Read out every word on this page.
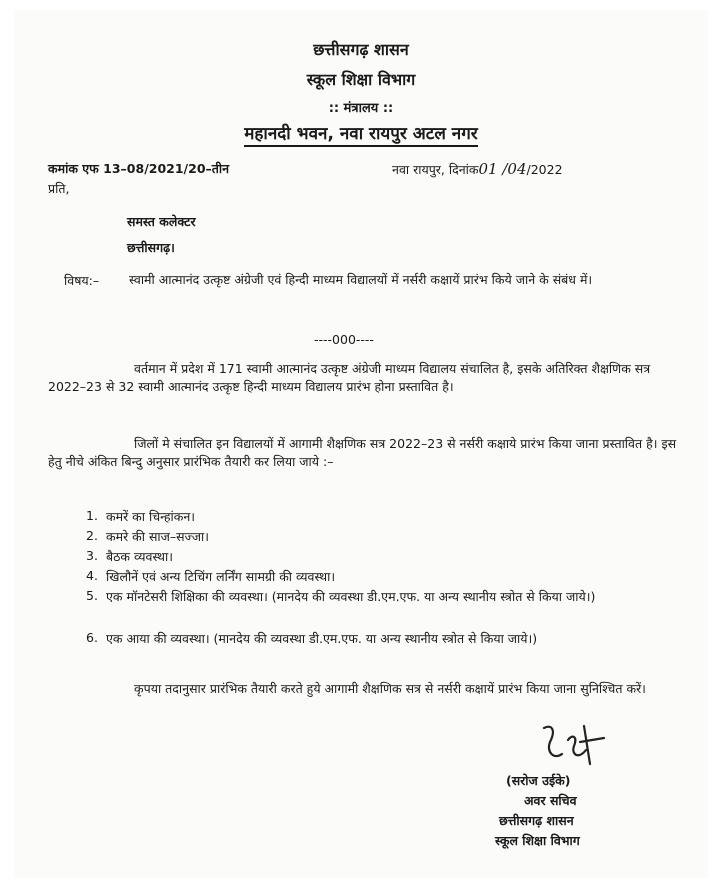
छत्तीसगढ़ शासन
स्कूल शिक्षा विभाग
:: मंत्रालय ::
महानदी भवन, नवा रायपुर अटल नगर
कमांक एफ 13–08/2021/20–तीन	नवा रायपुर, दिनांक01 /04/2022
प्रति,
समस्त कलेक्टर
छत्तीसगढ़।
विषय:– स्वामी आत्मानंद उत्कृष्ट अंग्रेजी एवं हिन्दी माध्यम विद्यालयों में नर्सरी कक्षायें प्रारंभ किये जाने के संबंध में।
----000----
वर्तमान में प्रदेश में 171 स्वामी आत्मानंद उत्कृष्ट अंग्रेजी माध्यम विद्यालय संचालित है, इसके अतिरिक्त शैक्षणिक सत्र 2022–23 से 32 स्वामी आत्मानंद उत्कृष्ट हिन्दी माध्यम विद्यालय प्रारंभ होना प्रस्तावित है।
जिलों मे संचालित इन विद्यालयों में आगामी शैक्षणिक सत्र 2022–23 से नर्सरी कक्षाये प्रारंभ किया जाना प्रस्तावित है। इस हेतु नीचे अंकित बिन्दु अनुसार प्रारंभिक तैयारी कर लिया जाये :–
1. कमरें का चिन्हांकन।
2. कमरे की साज–सज्जा।
3. बैठक व्यवस्था।
4. खिलौनें एवं अन्य टिचिंग लर्निंग सामग्री की व्यवस्था।
5. एक मॉनटेसरी शिक्षिका की व्यवस्था। (मानदेय की व्यवस्था डी.एम.एफ. या अन्य स्थानीय स्त्रोत से किया जाये।)
6. एक आया की व्यवस्था। (मानदेय की व्यवस्था डी.एम.एफ. या अन्य स्थानीय स्त्रोत से किया जाये।)
कृपया तदानुसार प्रारंभिक तैयारी करते हुये आगामी शैक्षणिक सत्र से नर्सरी कक्षायें प्रारंभ किया जाना सुनिश्चित करें।
(सरोज उईके)
अवर सचिव
छत्तीसगढ़ शासन
स्कूल शिक्षा विभाग
